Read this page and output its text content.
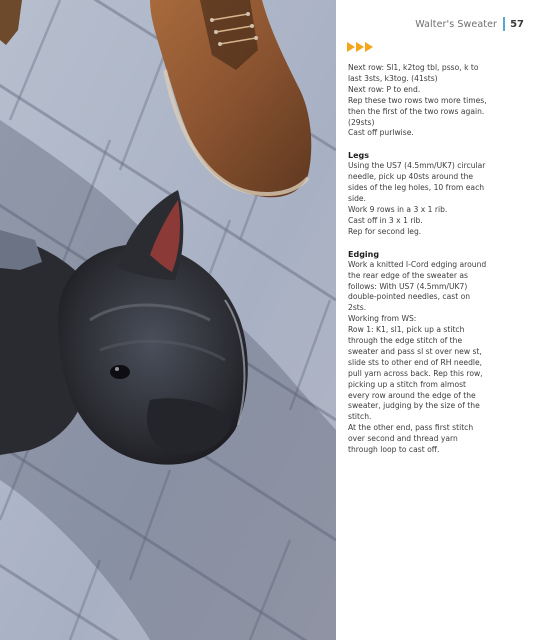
Walter's Sweater 57

Next row: Sl1, k2tog tbl, psso, k to last 3sts, k3tog. (41sts)

Next row: P to end.

Rep these two rows two more times, then the first of the two rows again. (29sts)

Cast off purlwise.

Legs

Using the US7 (4.5mm/UK7) circular needle, pick up 40sts around the sides of the leg holes, 10 from each side.

Work 9 rows in a 3 x 1 rib.

Cast off in 3 x 1 rib.

Rep for second leg.

Edging

Work a knitted I-Cord edging around the rear edge of the sweater as follows: With US7 (4.5mm/UK7) double-pointed needles, cast on 2sts.

Working from WS:

Row 1: K1, sl1, pick up a stitch through the edge stitch of the sweater and pass sl st over new st, slide sts to other end of RH needle, pull yarn across back. Rep this row, picking up a stitch from almost every row around the edge of the sweater, judging by the size of the stitch.

At the other end, pass first stitch over second and thread yarn through loop to cast off.
